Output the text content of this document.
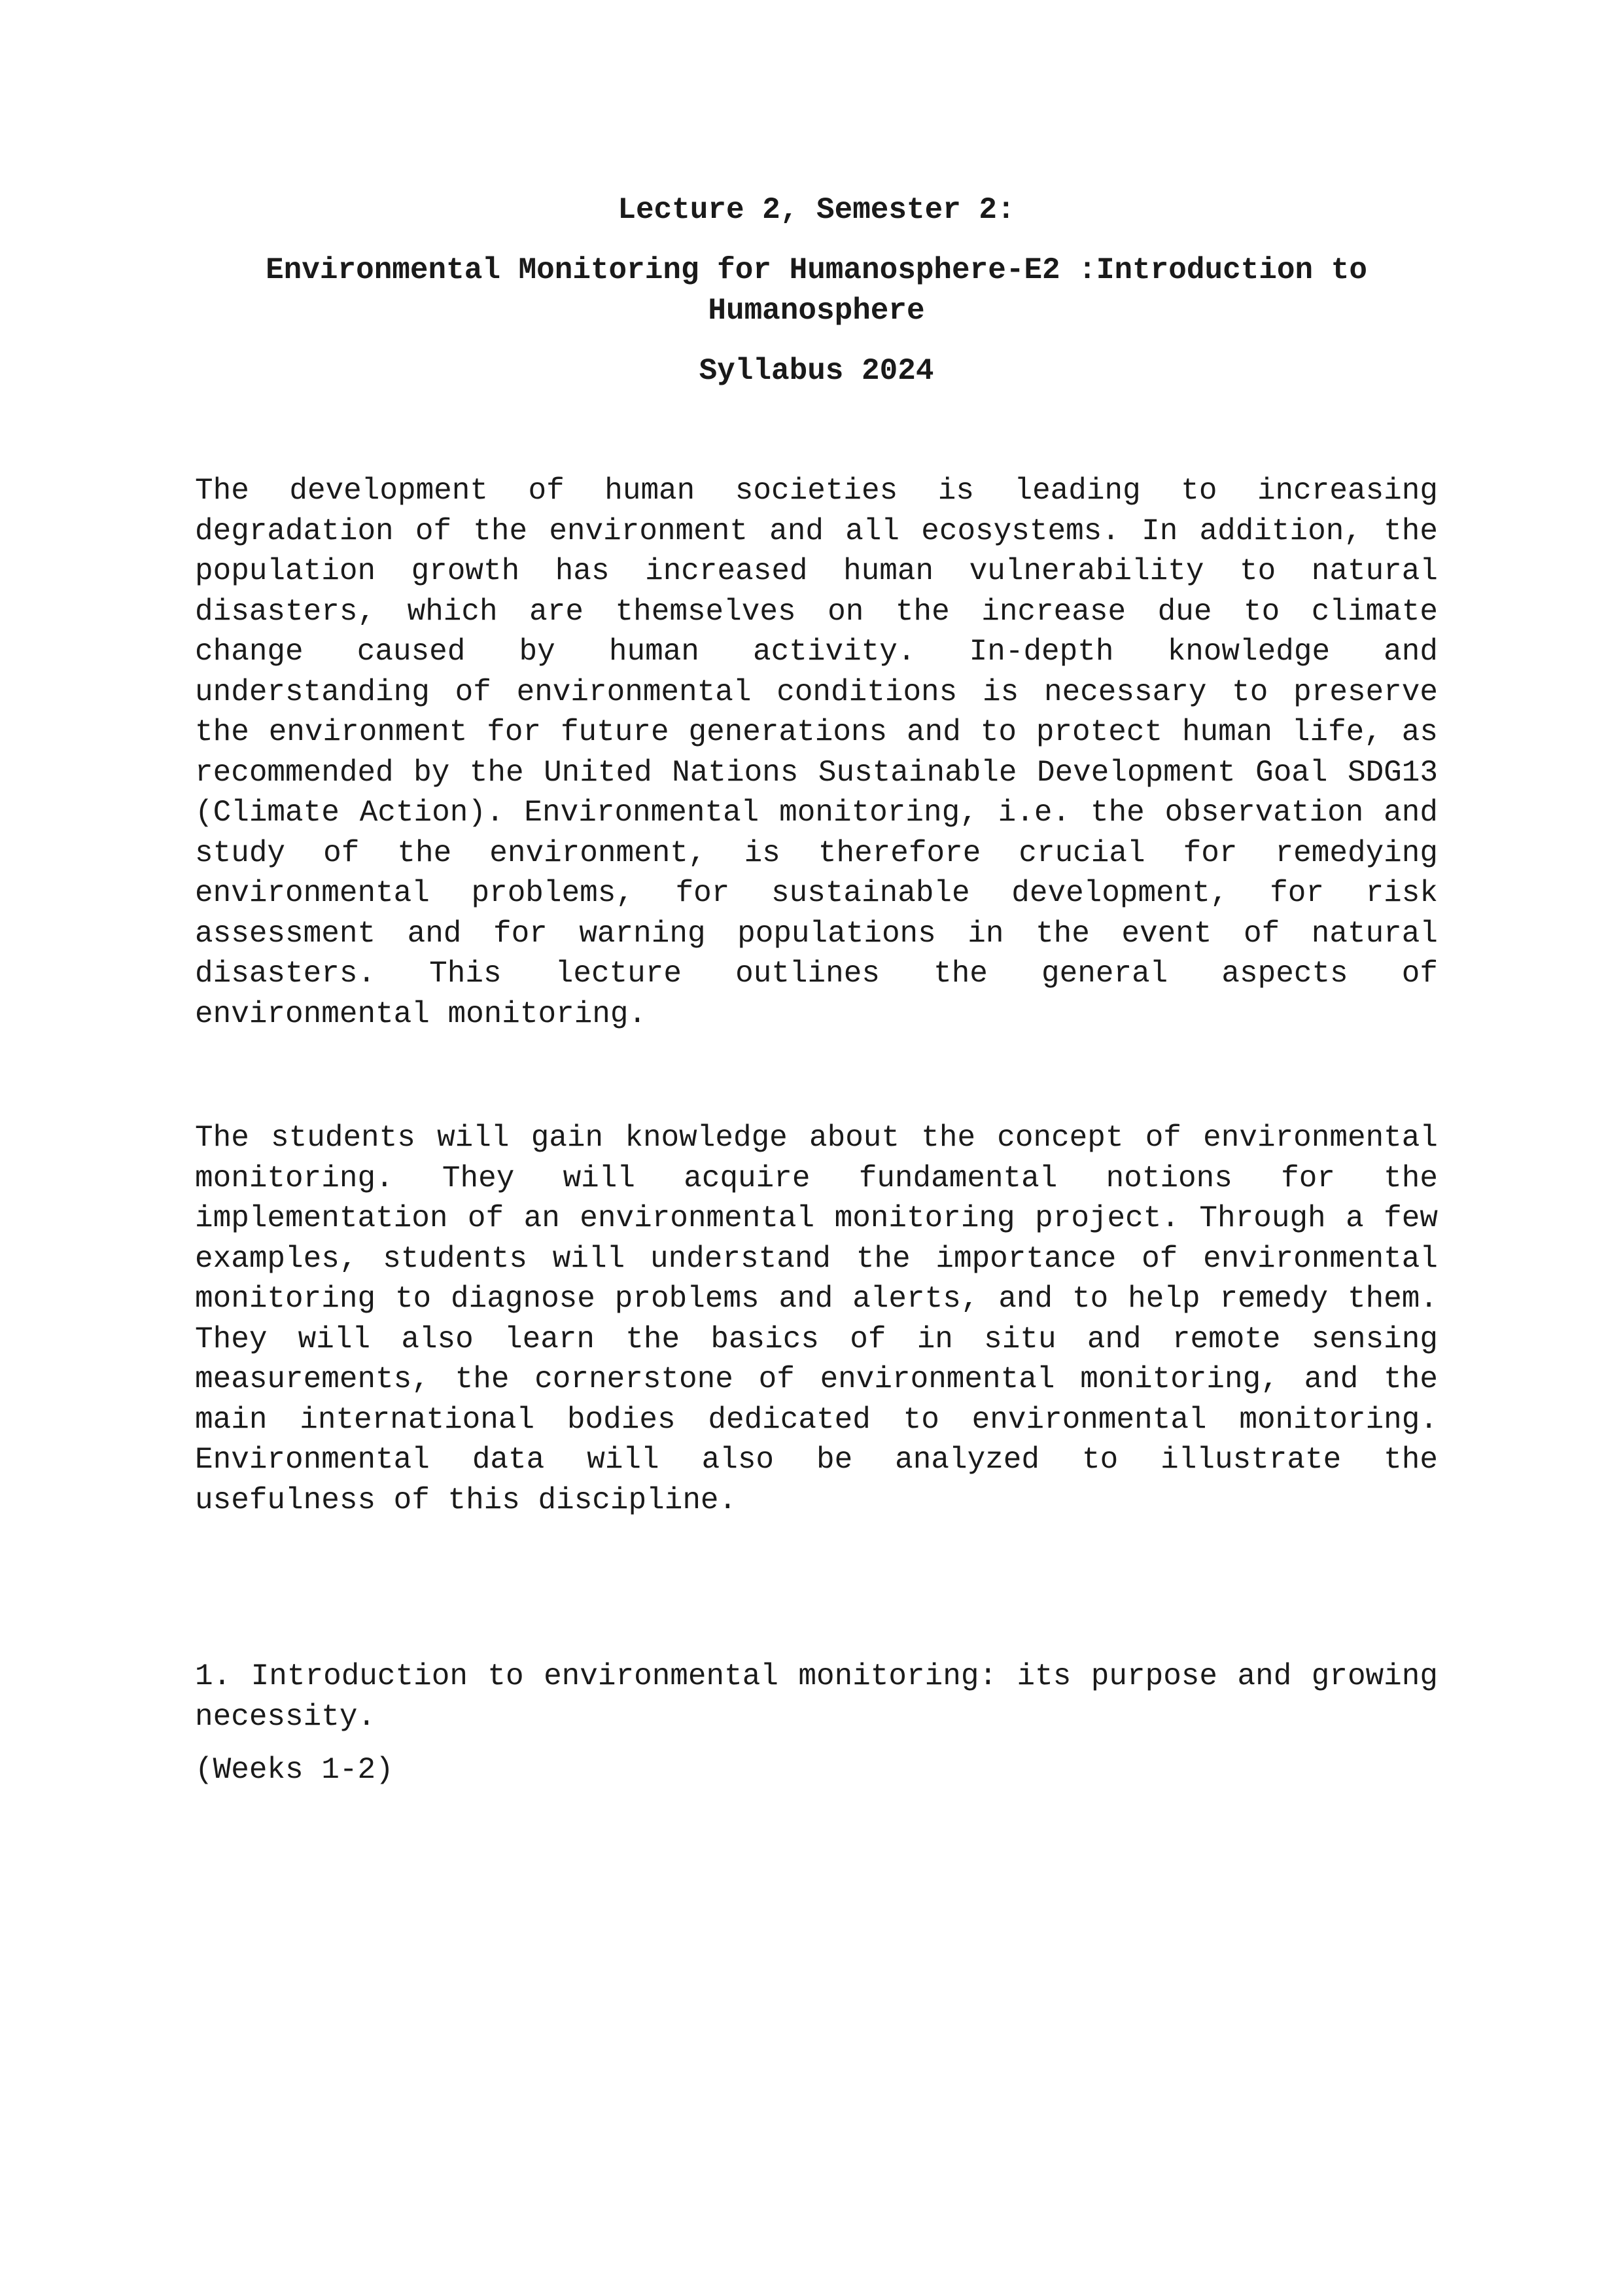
Lecture 2, Semester 2:

Environmental Monitoring for Humanosphere-E2 :Introduction to Humanosphere

Syllabus 2024

The development of human societies is leading to increasing degradation of the environment and all ecosystems. In addition, the population growth has increased human vulnerability to natural disasters, which are themselves on the increase due to climate change caused by human activity. In-depth knowledge and understanding of environmental conditions is necessary to preserve the environment for future generations and to protect human life, as recommended by the United Nations Sustainable Development Goal SDG13 (Climate Action). Environmental monitoring, i.e. the observation and study of the environment, is therefore crucial for remedying environmental problems, for sustainable development, for risk assessment and for warning populations in the event of natural disasters. This lecture outlines the general aspects of environmental monitoring.

The students will gain knowledge about the concept of environmental monitoring. They will acquire fundamental notions for the implementation of an environmental monitoring project. Through a few examples, students will understand the importance of environmental monitoring to diagnose problems and alerts, and to help remedy them. They will also learn the basics of in situ and remote sensing measurements, the cornerstone of environmental monitoring, and the main international bodies dedicated to environmental monitoring. Environmental data will also be analyzed to illustrate the usefulness of this discipline.

1. Introduction to environmental monitoring: its purpose and growing necessity.

(Weeks 1-2)
